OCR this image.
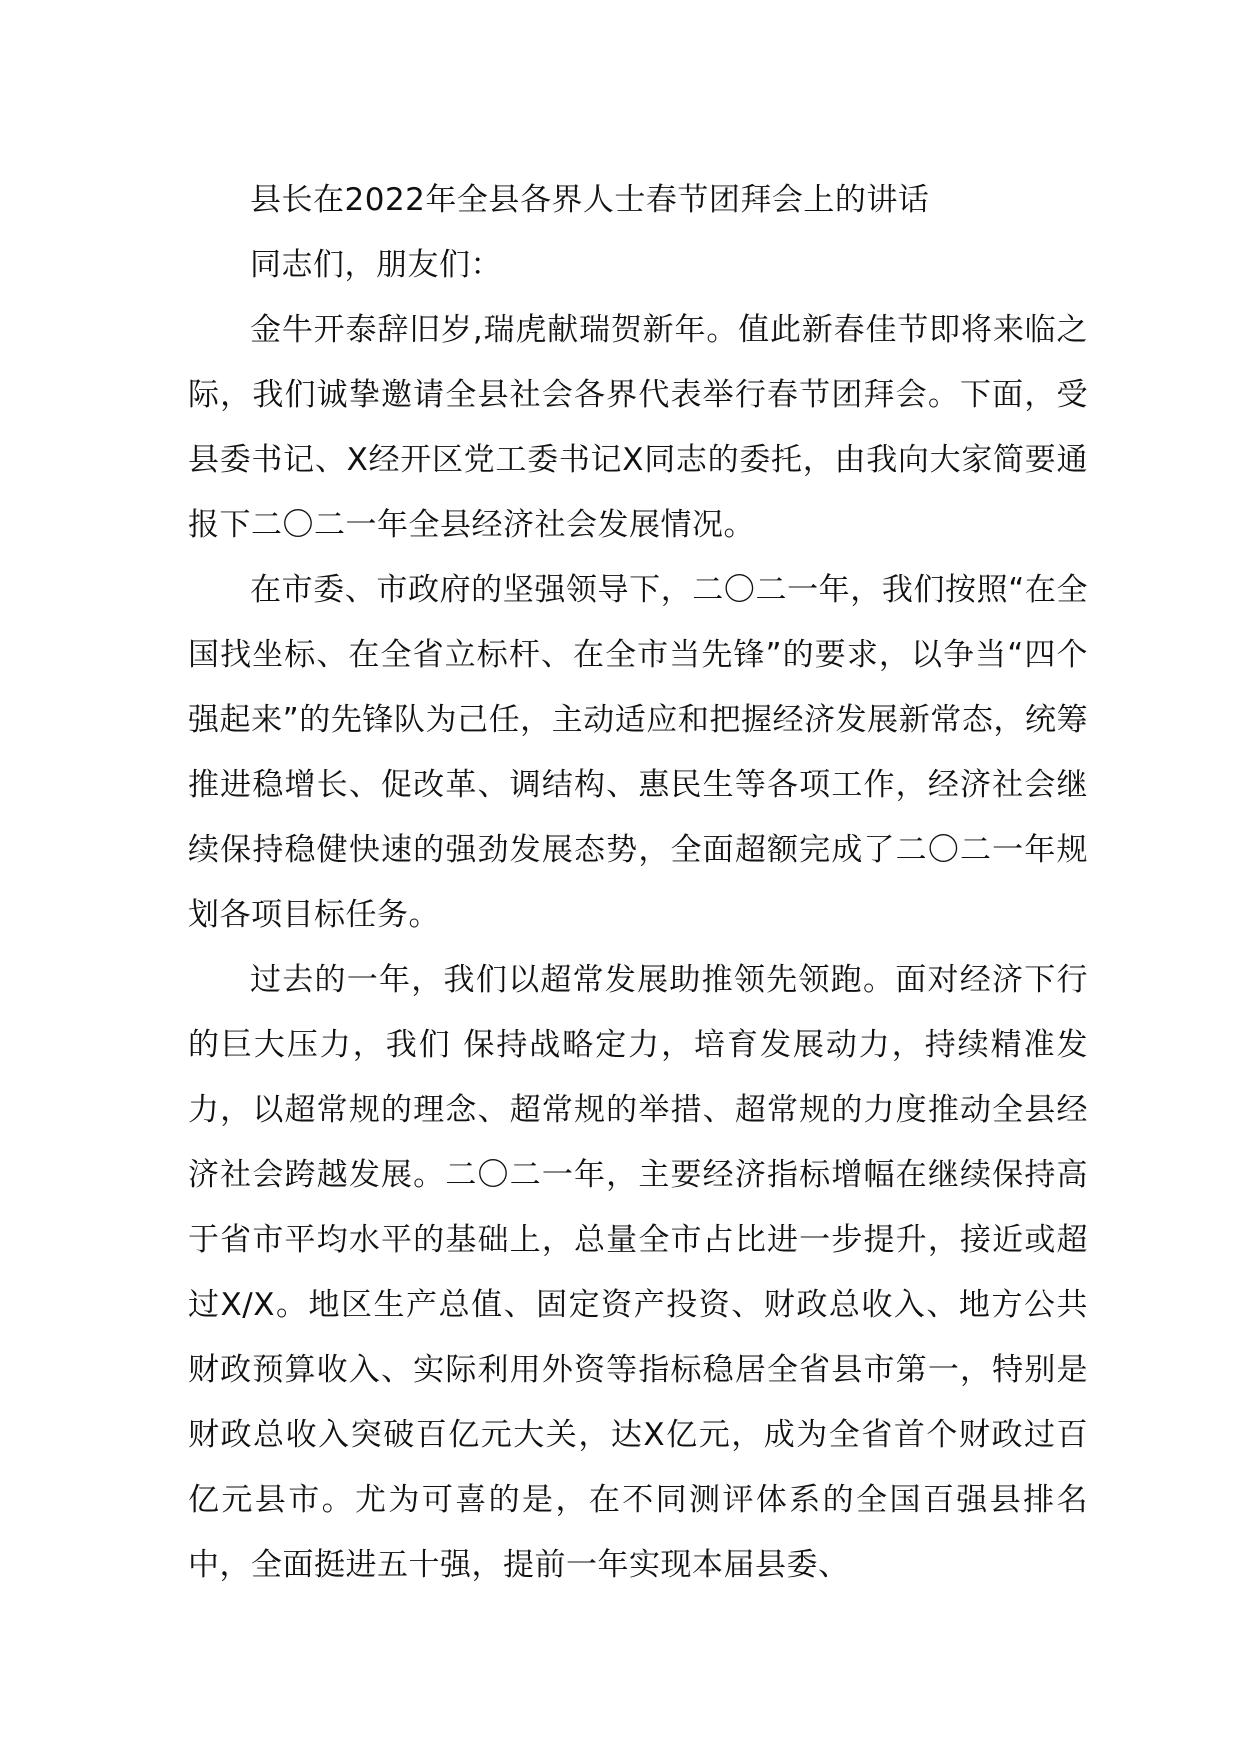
县长在2022年全县各界人士春节团拜会上的讲话

同志们，朋友们：

金牛开泰辞旧岁,瑞虎献瑞贺新年。值此新春佳节即将来临之际，我们诚挚邀请全县社会各界代表举行春节团拜会。下面，受县委书记、X经开区党工委书记X同志的委托，由我向大家简要通报下二〇二一年全县经济社会发展情况。

在市委、市政府的坚强领导下，二〇二一年，我们按照“在全国找坐标、在全省立标杆、在全市当先锋”的要求，以争当“四个强起来”的先锋队为己任，主动适应和把握经济发展新常态，统筹推进稳增长、促改革、调结构、惠民生等各项工作，经济社会继续保持稳健快速的强劲发展态势，全面超额完成了二〇二一年规划各项目标任务。

过去的一年，我们以超常发展助推领先领跑。面对经济下行的巨大压力，我们 保持战略定力，培育发展动力，持续精准发力，以超常规的理念、超常规的举措、超常规的力度推动全县经济社会跨越发展。二〇二一年，主要经济指标增幅在继续保持高于省市平均水平的基础上，总量全市占比进一步提升，接近或超过X/X。地区生产总值、固定资产投资、财政总收入、地方公共财政预算收入、实际利用外资等指标稳居全省县市第一，特别是财政总收入突破百亿元大关，达X亿元，成为全省首个财政过百亿元县市。尤为可喜的是，在不同测评体系的全国百强县排名中，全面挺进五十强，提前一年实现本届县委、
